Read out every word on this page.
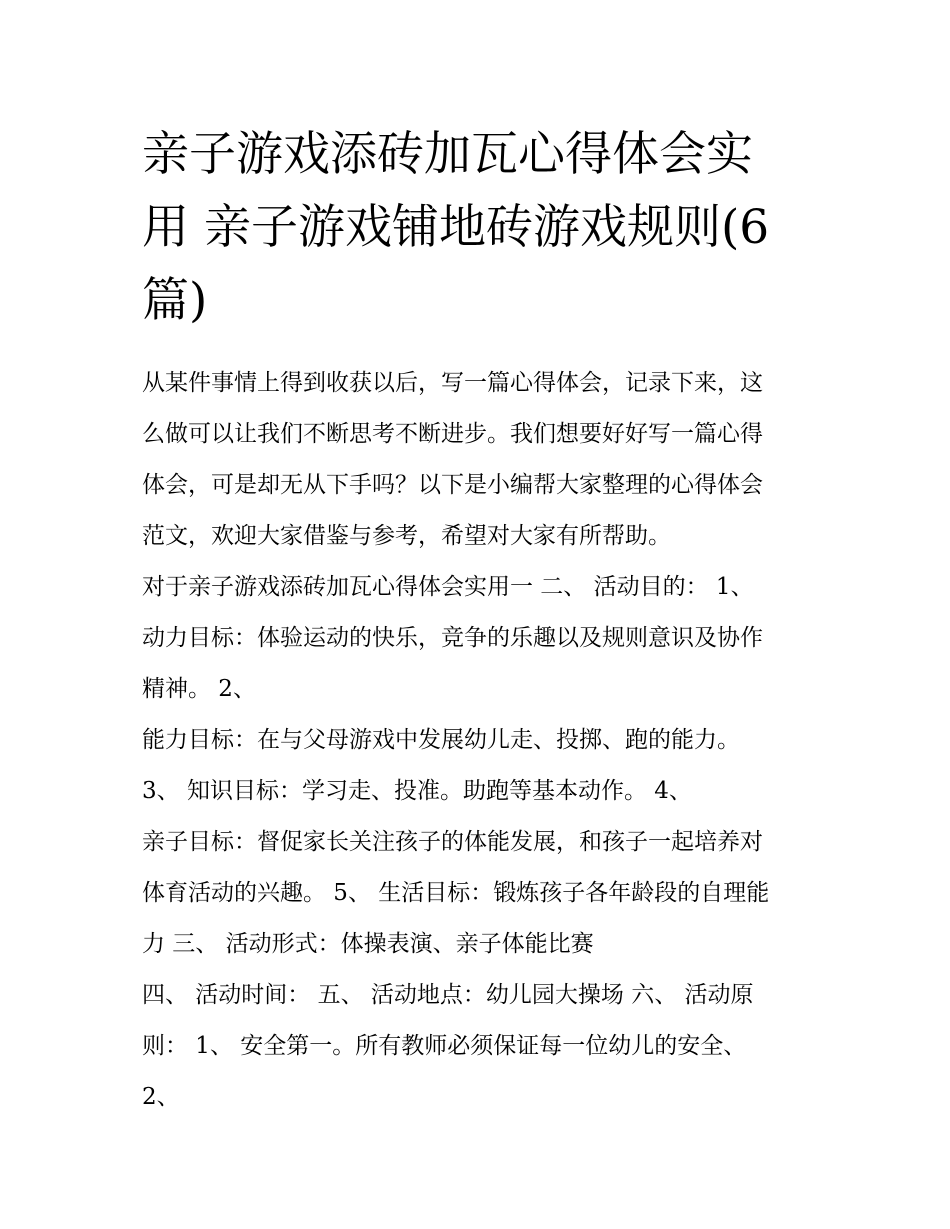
亲子游戏添砖加瓦心得体会实
用 亲子游戏铺地砖游戏规则(6
篇)
从某件事情上得到收获以后，写一篇心得体会，记录下来，这
么做可以让我们不断思考不断进步。我们想要好好写一篇心得
体会，可是却无从下手吗？以下是小编帮大家整理的心得体会
范文，欢迎大家借鉴与参考，希望对大家有所帮助。
对于亲子游戏添砖加瓦心得体会实用一 二、 活动目的： 1、
动力目标：体验运动的快乐，竞争的乐趣以及规则意识及协作
精神。 2、
能力目标：在与父母游戏中发展幼儿走、投掷、跑的能力。
3、 知识目标：学习走、投准。助跑等基本动作。 4、
亲子目标：督促家长关注孩子的体能发展，和孩子一起培养对
体育活动的兴趣。 5、 生活目标：锻炼孩子各年龄段的自理能
力 三、 活动形式：体操表演、亲子体能比赛
四、 活动时间： 五、 活动地点：幼儿园大操场 六、 活动原
则： 1、 安全第一。所有教师必须保证每一位幼儿的安全、
2、
